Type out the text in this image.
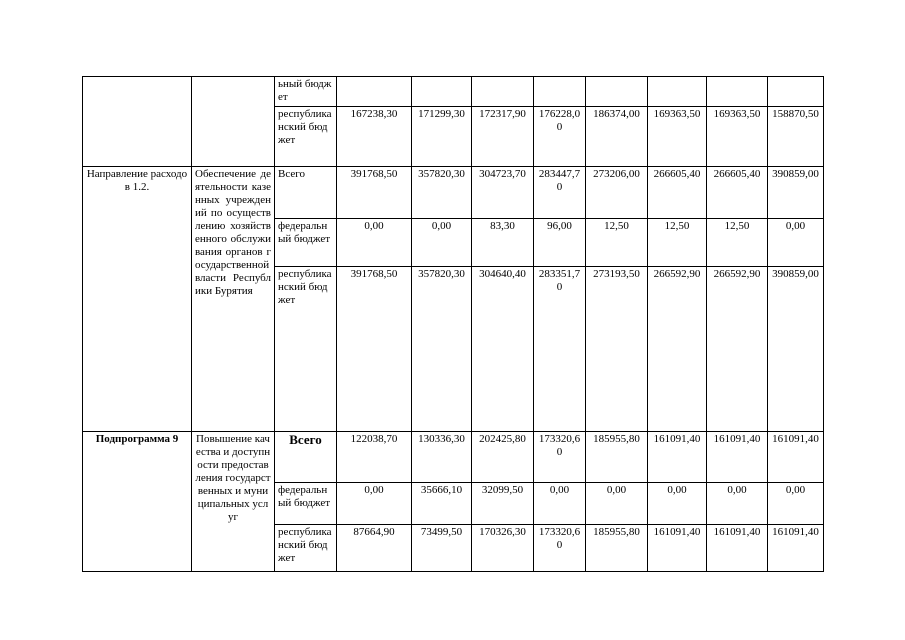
		ьный бюджет								
		республиканский бюджет	167238,30	171299,30	172317,90	176228,00	186374,00	169363,50	169363,50	158870,50
Направление расходов 1.2.	Обеспечение деятельности казенных учреждений по осуществлению хозяйственного обслуживания органов государственной власти Республики Бурятия	Всего	391768,50	357820,30	304723,70	283447,70	273206,00	266605,40	266605,40	390859,00
		федеральный бюджет	0,00	0,00	83,30	96,00	12,50	12,50	12,50	0,00
		республиканский бюджет	391768,50	357820,30	304640,40	283351,70	273193,50	266592,90	266592,90	390859,00
Подпрограмма 9	Повышение качества и доступности предоставления государственных и муниципальных услуг	Всего	122038,70	130336,30	202425,80	173320,60	185955,80	161091,40	161091,40	161091,40
		федеральный бюджет	0,00	35666,10	32099,50	0,00	0,00	0,00	0,00	0,00
		республиканский бюджет	87664,90	73499,50	170326,30	173320,60	185955,80	161091,40	161091,40	161091,40
